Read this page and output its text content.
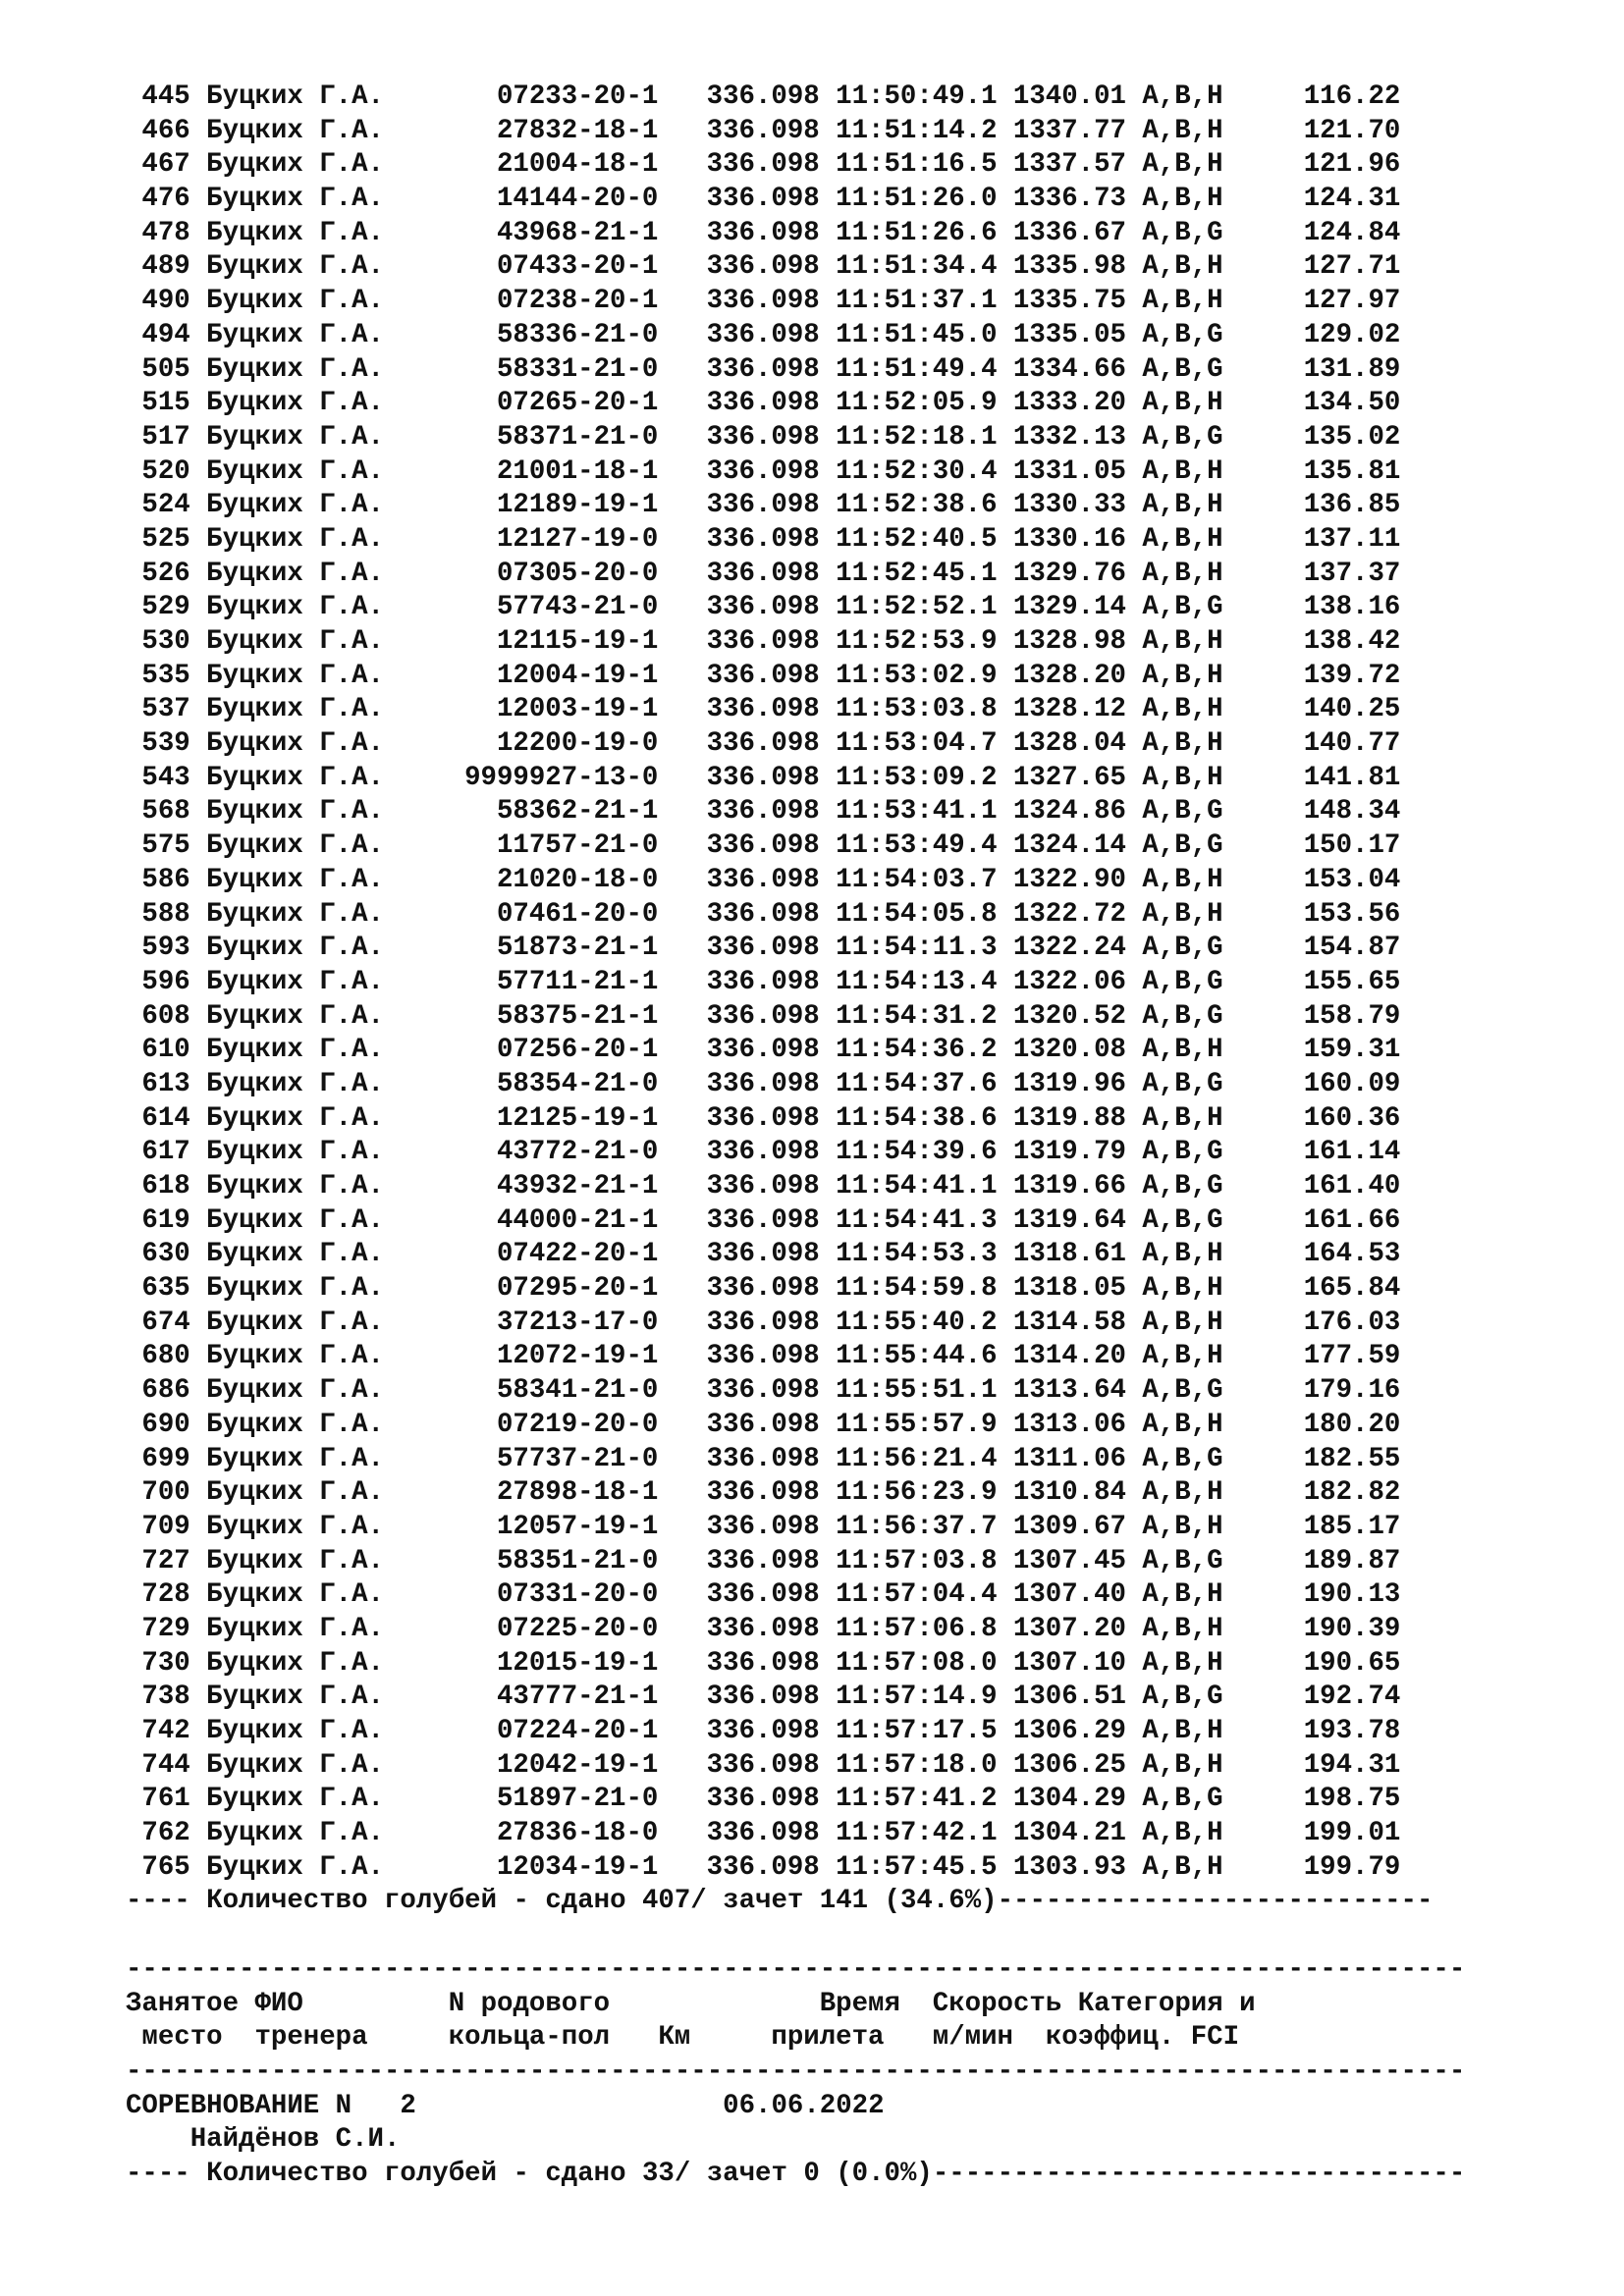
445 Буцких Г.А.	07233-20-1 336.098 11:50:49.1 1340.01 A,B,H	116.22
466 Буцких Г.А.	27832-18-1 336.098 11:51:14.2 1337.77 A,B,H	121.70
467 Буцких Г.А.	21004-18-1 336.098 11:51:16.5 1337.57 A,B,H	121.96
476 Буцких Г.А.	14144-20-0 336.098 11:51:26.0 1336.73 A,B,H	124.31
478 Буцких Г.А.	43968-21-1 336.098 11:51:26.6 1336.67 A,B,G	124.84
489 Буцких Г.А.	07433-20-1 336.098 11:51:34.4 1335.98 A,B,H	127.71
490 Буцких Г.А.	07238-20-1 336.098 11:51:37.1 1335.75 A,B,H	127.97
494 Буцких Г.А.	58336-21-0 336.098 11:51:45.0 1335.05 A,B,G	129.02
505 Буцких Г.А.	58331-21-0 336.098 11:51:49.4 1334.66 A,B,G	131.89
515 Буцких Г.А.	07265-20-1 336.098 11:52:05.9 1333.20 A,B,H	134.50
517 Буцких Г.А.	58371-21-0 336.098 11:52:18.1 1332.13 A,B,G	135.02
520 Буцких Г.А.	21001-18-1 336.098 11:52:30.4 1331.05 A,B,H	135.81
524 Буцких Г.А.	12189-19-1 336.098 11:52:38.6 1330.33 A,B,H	136.85
525 Буцких Г.А.	12127-19-0 336.098 11:52:40.5 1330.16 A,B,H	137.11
526 Буцких Г.А.	07305-20-0 336.098 11:52:45.1 1329.76 A,B,H	137.37
529 Буцких Г.А.	57743-21-0 336.098 11:52:52.1 1329.14 A,B,G	138.16
530 Буцких Г.А.	12115-19-1 336.098 11:52:53.9 1328.98 A,B,H	138.42
535 Буцких Г.А.	12004-19-1 336.098 11:53:02.9 1328.20 A,B,H	139.72
537 Буцких Г.А.	12003-19-1 336.098 11:53:03.8 1328.12 A,B,H	140.25
539 Буцких Г.А.	12200-19-0 336.098 11:53:04.7 1328.04 A,B,H	140.77
543 Буцких Г.А.	9999927-13-0 336.098 11:53:09.2 1327.65 A,B,H	141.81
568 Буцких Г.А.	58362-21-1 336.098 11:53:41.1 1324.86 A,B,G	148.34
575 Буцких Г.А.	11757-21-0 336.098 11:53:49.4 1324.14 A,B,G	150.17
586 Буцких Г.А.	21020-18-0 336.098 11:54:03.7 1322.90 A,B,H	153.04
588 Буцких Г.А.	07461-20-0 336.098 11:54:05.8 1322.72 A,B,H	153.56
593 Буцких Г.А.	51873-21-1 336.098 11:54:11.3 1322.24 A,B,G	154.87
596 Буцких Г.А.	57711-21-1 336.098 11:54:13.4 1322.06 A,B,G	155.65
608 Буцких Г.А.	58375-21-1 336.098 11:54:31.2 1320.52 A,B,G	158.79
610 Буцких Г.А.	07256-20-1 336.098 11:54:36.2 1320.08 A,B,H	159.31
613 Буцких Г.А.	58354-21-0 336.098 11:54:37.6 1319.96 A,B,G	160.09
614 Буцких Г.А.	12125-19-1 336.098 11:54:38.6 1319.88 A,B,H	160.36
617 Буцких Г.А.	43772-21-0 336.098 11:54:39.6 1319.79 A,B,G	161.14
618 Буцких Г.А.	43932-21-1 336.098 11:54:41.1 1319.66 A,B,G	161.40
619 Буцких Г.А.	44000-21-1 336.098 11:54:41.3 1319.64 A,B,G	161.66
630 Буцких Г.А.	07422-20-1 336.098 11:54:53.3 1318.61 A,B,H	164.53
635 Буцких Г.А.	07295-20-1 336.098 11:54:59.8 1318.05 A,B,H	165.84
674 Буцких Г.А.	37213-17-0 336.098 11:55:40.2 1314.58 A,B,H	176.03
680 Буцких Г.А.	12072-19-1 336.098 11:55:44.6 1314.20 A,B,H	177.59
686 Буцких Г.А.	58341-21-0 336.098 11:55:51.1 1313.64 A,B,G	179.16
690 Буцких Г.А.	07219-20-0 336.098 11:55:57.9 1313.06 A,B,H	180.20
699 Буцких Г.А.	57737-21-0 336.098 11:56:21.4 1311.06 A,B,G	182.55
700 Буцких Г.А.	27898-18-1 336.098 11:56:23.9 1310.84 A,B,H	182.82
709 Буцких Г.А.	12057-19-1 336.098 11:56:37.7 1309.67 A,B,H	185.17
727 Буцких Г.А.	58351-21-0 336.098 11:57:03.8 1307.45 A,B,G	189.87
728 Буцких Г.А.	07331-20-0 336.098 11:57:04.4 1307.40 A,B,H	190.13
729 Буцких Г.А.	07225-20-0 336.098 11:57:06.8 1307.20 A,B,H	190.39
730 Буцких Г.А.	12015-19-1 336.098 11:57:08.0 1307.10 A,B,H	190.65
738 Буцких Г.А.	43777-21-1 336.098 11:57:14.9 1306.51 A,B,G	192.74
742 Буцких Г.А.	07224-20-1 336.098 11:57:17.5 1306.29 A,B,H	193.78
744 Буцких Г.А.	12042-19-1 336.098 11:57:18.0 1306.25 A,B,H	194.31
761 Буцких Г.А.	51897-21-0 336.098 11:57:41.2 1304.29 A,B,G	198.75
762 Буцких Г.А.	27836-18-0 336.098 11:57:42.1 1304.21 A,B,H	199.01
765 Буцких Г.А.	12034-19-1 336.098 11:57:45.5 1303.93 A,B,H	199.79
---- Количество голубей - сдано 407/ зачет 141 (34.6%)---------------------------
-----------------------------------------------------------------------------------
Занятое ФИО	N родового	Время Скорость Категория и
место тренера	кольца-пол Км	прилета м/мин коэффиц. FCI
-----------------------------------------------------------------------------------
СОРЕВНОВАНИЕ N 2	06.06.2022
Найдёнов С.И.
---- Количество голубей - сдано 33/ зачет 0 (0.0%)---------------------------------
